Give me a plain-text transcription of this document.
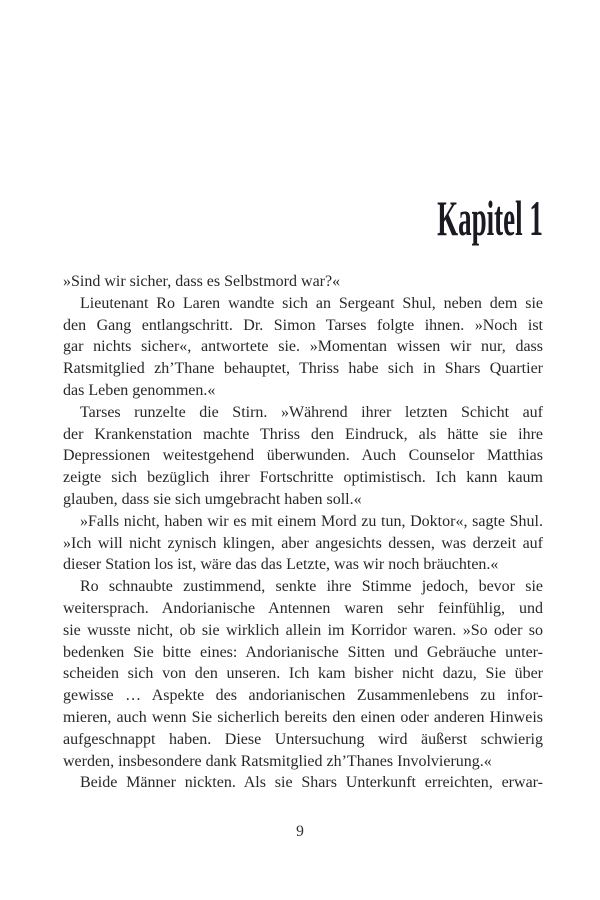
Kapitel 1
»Sind wir sicher, dass es Selbstmord war?«
Lieutenant Ro Laren wandte sich an Sergeant Shul, neben dem sie
den Gang entlangschritt. Dr. Simon Tarses folgte ihnen. »Noch ist
gar nichts sicher«, antwortete sie. »Momentan wissen wir nur, dass
Ratsmitglied zh’Thane behauptet, Thriss habe sich in Shars Quartier
das Leben genommen.«
Tarses runzelte die Stirn. »Während ihrer letzten Schicht auf
der Krankenstation machte Thriss den Eindruck, als hätte sie ihre
Depressionen weitestgehend überwunden. Auch Counselor Matthias
zeigte sich bezüglich ihrer Fortschritte optimistisch. Ich kann kaum
glauben, dass sie sich umgebracht haben soll.«
»Falls nicht, haben wir es mit einem Mord zu tun, Doktor«, sagte Shul.
»Ich will nicht zynisch klingen, aber angesichts dessen, was derzeit auf
dieser Station los ist, wäre das das Letzte, was wir noch bräuchten.«
Ro schnaubte zustimmend, senkte ihre Stimme jedoch, bevor sie
weitersprach. Andorianische Antennen waren sehr feinfühlig, und
sie wusste nicht, ob sie wirklich allein im Korridor waren. »So oder so
bedenken Sie bitte eines: Andorianische Sitten und Gebräuche unter-
scheiden sich von den unseren. Ich kam bisher nicht dazu, Sie über
gewisse … Aspekte des andorianischen Zusammenlebens zu infor-
mieren, auch wenn Sie sicherlich bereits den einen oder anderen Hinweis
aufgeschnappt haben. Diese Untersuchung wird äußerst schwierig
werden, insbesondere dank Ratsmitglied zh’Thanes Involvierung.«
Beide Männer nickten. Als sie Shars Unterkunft erreichten, erwar-
9
